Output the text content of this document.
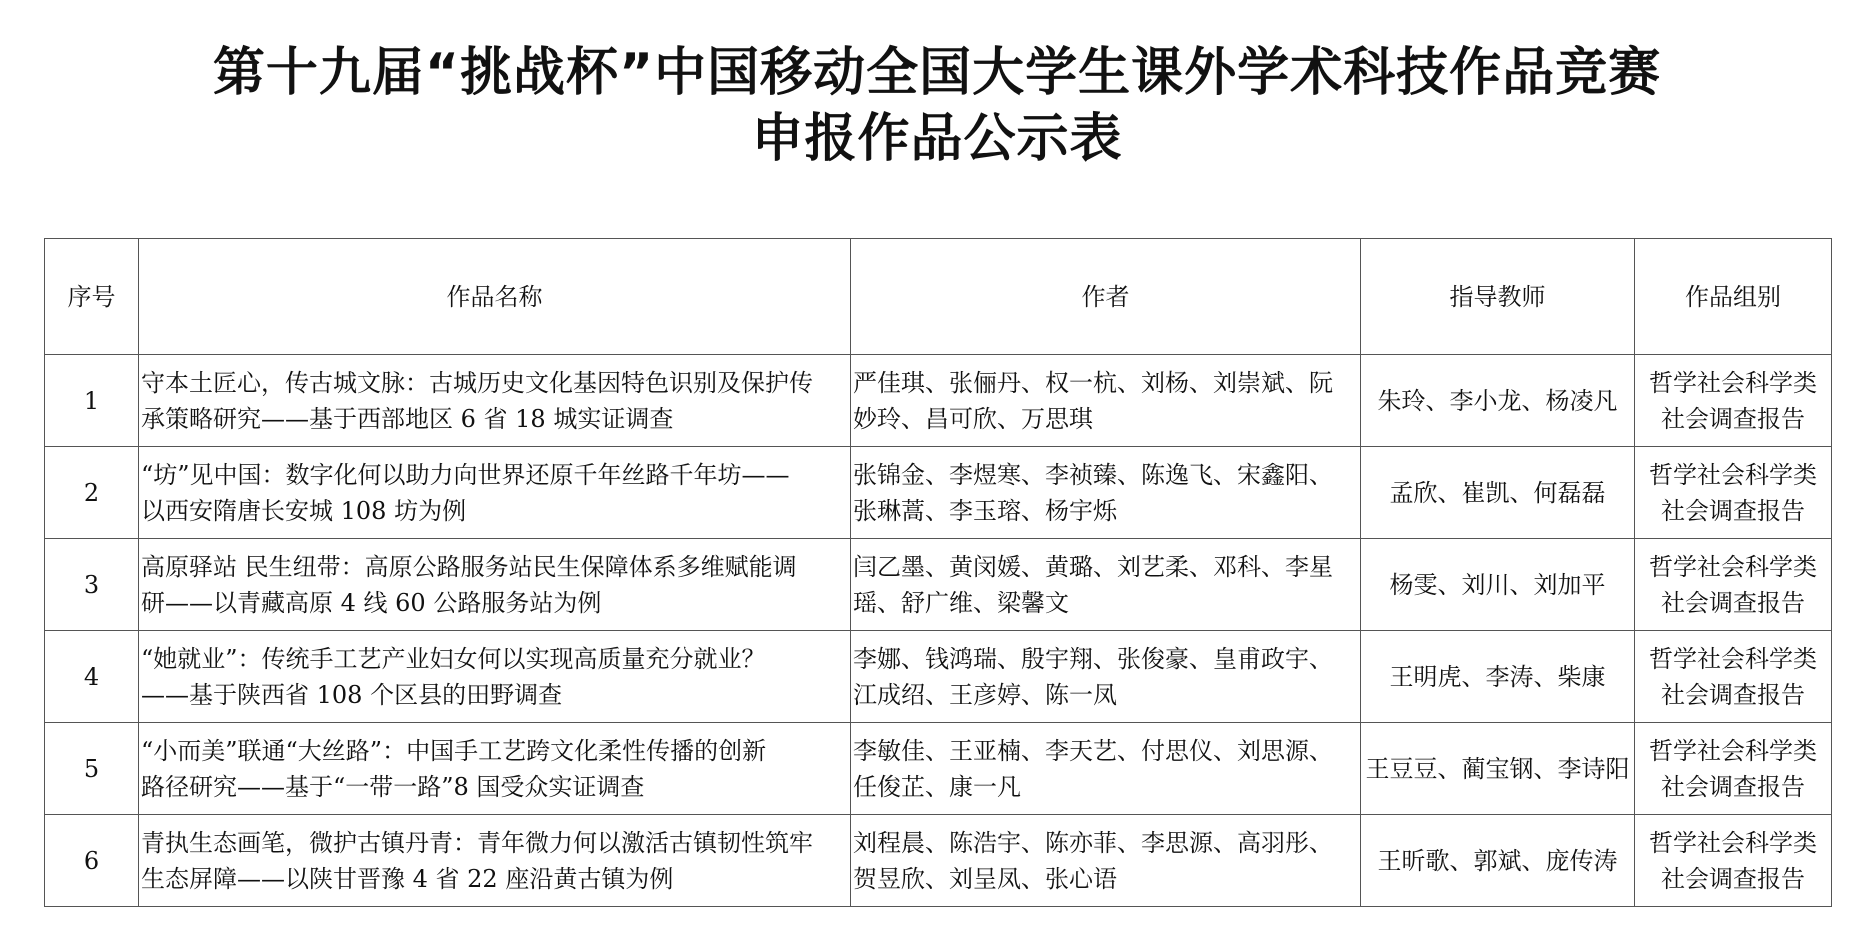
第十九届“挑战杯”中国移动全国大学生课外学术科技作品竞赛
申报作品公示表
序号	作品名称	作者	指导教师	作品组别
1	守本土匠心，传古城文脉：古城历史文化基因特色识别及保护传
承策略研究——基于西部地区 6 省 18 城实证调查	严佳琪、张俪丹、权一杭、刘杨、刘崇斌、阮
妙玲、昌可欣、万思琪	朱玲、李小龙、杨凌凡	哲学社会科学类
社会调查报告

2	“坊”见中国：数字化何以助力向世界还原千年丝路千年坊——
以西安隋唐长安城 108 坊为例	张锦金、李煜寒、李祯臻、陈逸飞、宋鑫阳、
张琳蒿、李玉瑢、杨宇烁	孟欣、崔凯、何磊磊	哲学社会科学类
社会调查报告

3	高原驿站 民生纽带：高原公路服务站民生保障体系多维赋能调
研——以青藏高原 4 线 60 公路服务站为例	闫乙墨、黄闵媛、黄璐、刘艺柔、邓科、李星
瑶、舒广维、梁馨文	杨雯、刘川、刘加平	哲学社会科学类
社会调查报告

4	“她就业”：传统手工艺产业妇女何以实现高质量充分就业？
——基于陕西省 108 个区县的田野调查	李娜、钱鸿瑞、殷宇翔、张俊豪、皇甫政宇、
江成绍、王彦婷、陈一凤	王明虎、李涛、柴康	哲学社会科学类
社会调查报告

5	“小而美”联通“大丝路”：中国手工艺跨文化柔性传播的创新
路径研究——基于“一带一路”8 国受众实证调查	李敏佳、王亚楠、李天艺、付思仪、刘思源、
任俊芷、康一凡	王豆豆、蔺宝钢、李诗阳	哲学社会科学类
社会调查报告

6	青执生态画笔，微护古镇丹青：青年微力何以激活古镇韧性筑牢
生态屏障——以陕甘晋豫 4 省 22 座沿黄古镇为例	刘程晨、陈浩宇、陈亦菲、李思源、高羽彤、
贺昱欣、刘呈凤、张心语	王昕歌、郭斌、庞传涛	哲学社会科学类
社会调查报告
